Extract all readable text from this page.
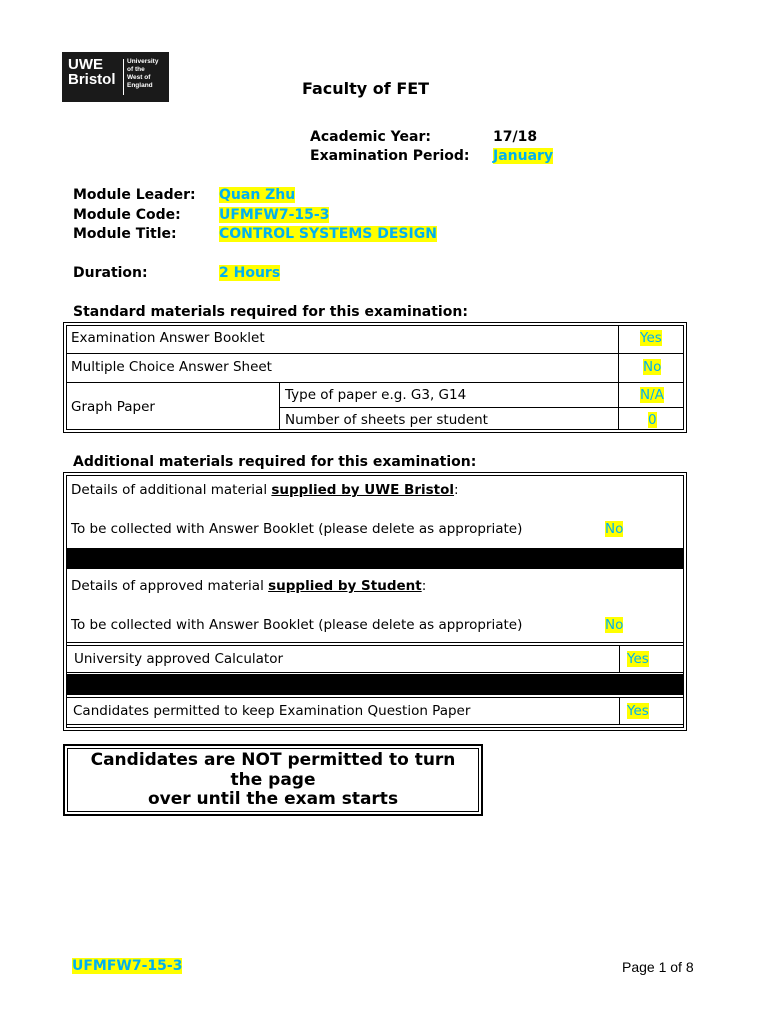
UWE
Bristol
University
of the
West of
England	Faculty of FET
Academic Year:	17/18
Examination Period: January
Module Leader: Quan Zhu
Module Code:	UFMFW7-15-3
Module Title:	CONTROL SYSTEMS DESIGN
Duration:	2 Hours
Standard materials required for this examination:
Examination Answer Booklet	Yes
Multiple Choice Answer Sheet	No
Graph Paper
Type of paper e.g. G3, G14	N/A
Number of sheets per student	0
Additional materials required for this examination:
Details of additional material supplied by UWE Bristol:
To be collected with Answer Booklet (please delete as appropriate)	No
Details of approved material supplied by Student:
To be collected with Answer Booklet (please delete as appropriate)	No
University approved Calculator	Yes
Candidates permitted to keep Examination Question Paper	Yes
Candidates are NOT permitted to turn
the page
over until the exam starts
UFMFW7-15-3	Page 1 of 8
